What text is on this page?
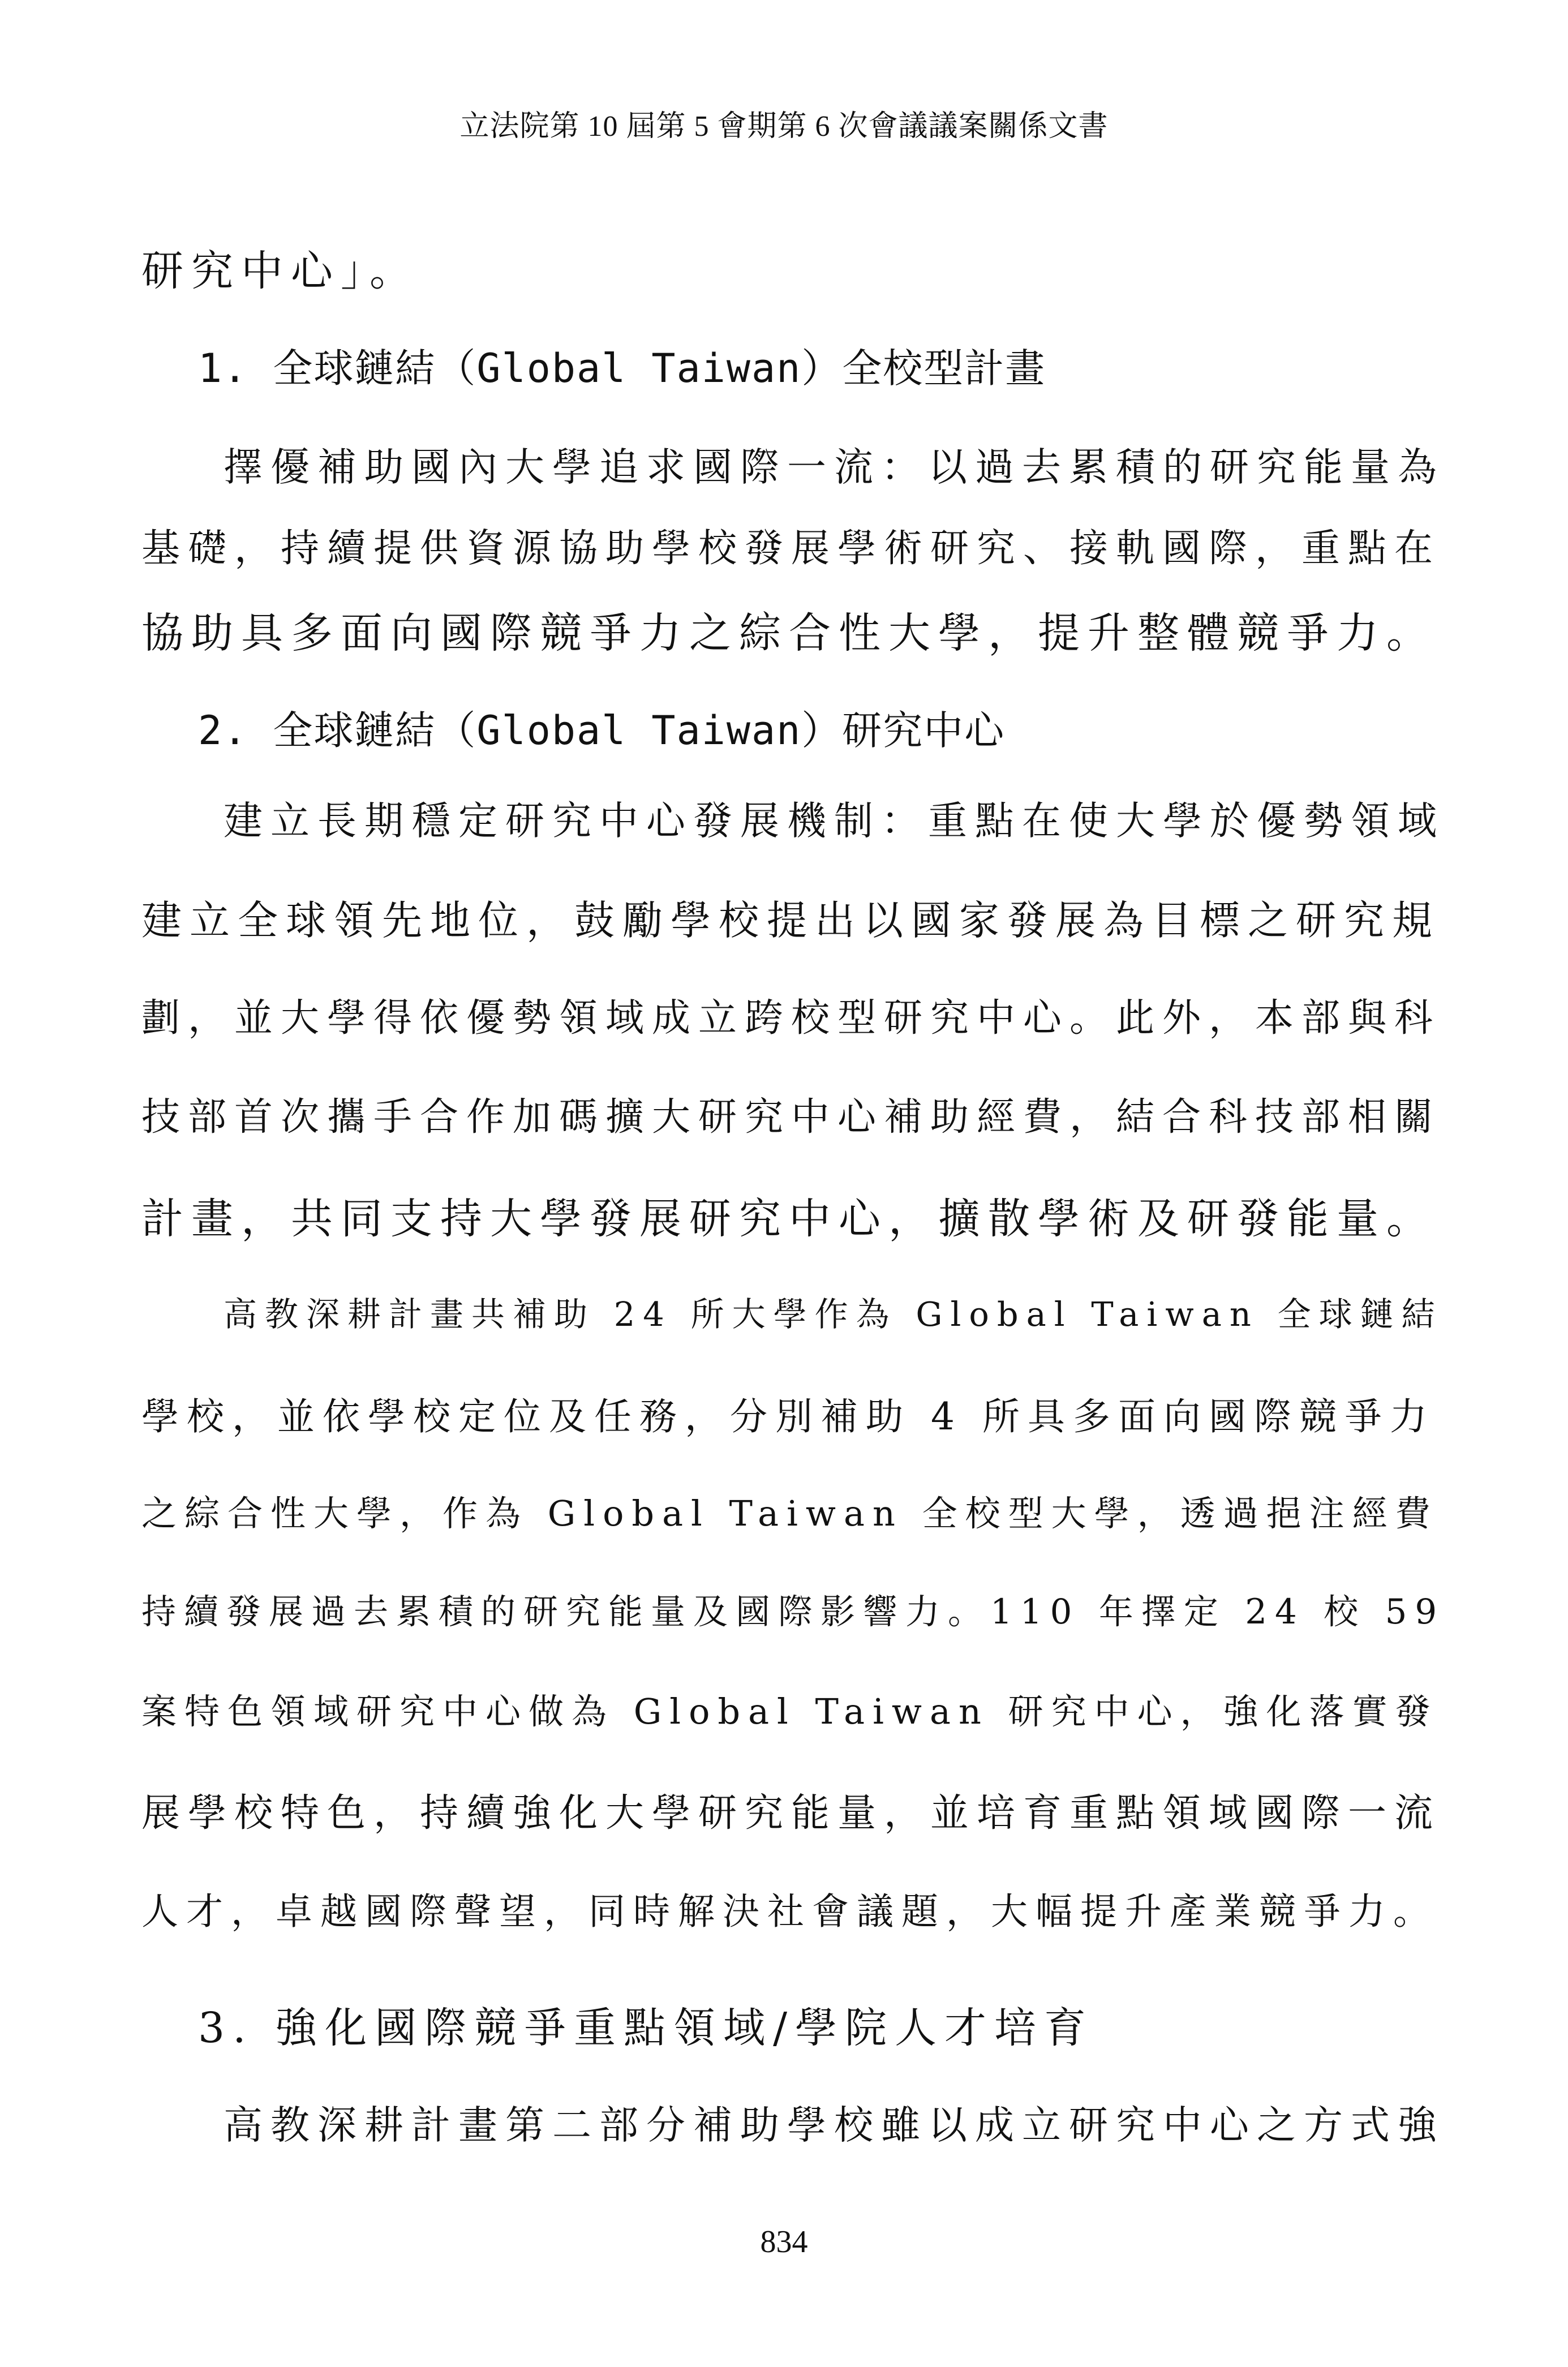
立法院第 10 屆第 5 會期第 6 次會議議案關係文書
研究中心」。
1. 全球鏈結（Global Taiwan）全校型計畫
擇優補助國內大學追求國際一流：以過去累積的研究能量為
基礎，持續提供資源協助學校發展學術研究、接軌國際，重點在
協助具多面向國際競爭力之綜合性大學，提升整體競爭力。
2. 全球鏈結（Global Taiwan）研究中心
建立長期穩定研究中心發展機制：重點在使大學於優勢領域
建立全球領先地位，鼓勵學校提出以國家發展為目標之研究規
劃，並大學得依優勢領域成立跨校型研究中心。此外，本部與科
技部首次攜手合作加碼擴大研究中心補助經費，結合科技部相關
計畫，共同支持大學發展研究中心，擴散學術及研發能量。
高教深耕計畫共補助 24 所大學作為 Global Taiwan 全球鏈結
學校，並依學校定位及任務，分別補助 4 所具多面向國際競爭力
之綜合性大學，作為 Global Taiwan 全校型大學，透過挹注經費
持續發展過去累積的研究能量及國際影響力。110 年擇定 24 校 59
案特色領域研究中心做為 Global Taiwan 研究中心，強化落實發
展學校特色，持續強化大學研究能量，並培育重點領域國際一流
人才，卓越國際聲望，同時解決社會議題，大幅提升產業競爭力。
3. 強化國際競爭重點領域/學院人才培育
高教深耕計畫第二部分補助學校雖以成立研究中心之方式強
834
